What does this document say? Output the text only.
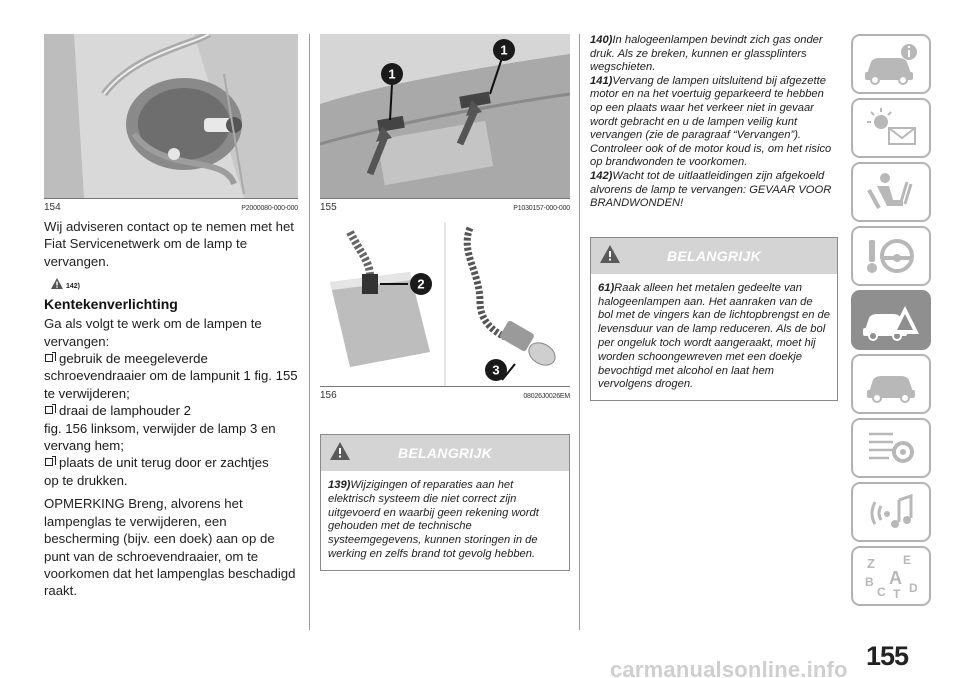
154	P2000080-000-000
Wij adviseren contact op te nemen met het Fiat Servicenetwerk om de lamp te vervangen.
142)
Kentekenverlichting
Ga als volgt te werk om de lampen te vervangen:
gebruik de meegeleverde
schroevendraaier om de lampunit 1 fig. 155 te verwijderen;
draai de lamphouder 2
fig. 156 linksom, verwijder de lamp 3 en vervang hem;
plaats de unit terug door er zachtjes
op te drukken.
OPMERKING Breng, alvorens het lampenglas te verwijderen, een bescherming (bijv. een doek) aan op de punt van de schroevendraaier, om te voorkomen dat het lampenglas beschadigd raakt.
1
1
155	P1030157-000-000
2
3
156	08026J0026EM
BELANGRIJK
139)Wijzigingen of reparaties aan het elektrisch systeem die niet correct zijn uitgevoerd en waarbij geen rekening wordt gehouden met de technische systeemgegevens, kunnen storingen in de werking en zelfs brand tot gevolg hebben.
140)In halogeenlampen bevindt zich gas onder druk. Als ze breken, kunnen er glassplinters wegschieten.
141)Vervang de lampen uitsluitend bij afgezette motor en na het voertuig geparkeerd te hebben op een plaats waar het verkeer niet in gevaar wordt gebracht en u de lampen veilig kunt vervangen (zie de paragraaf “Vervangen”). Controleer ook of de motor koud is, om het risico op brandwonden te voorkomen.
142)Wacht tot de uitlaatleidingen zijn afgekoeld alvorens de lamp te vervangen: GEVAAR VOOR BRANDWONDEN!
BELANGRIJK
61)Raak alleen het metalen gedeelte van halogeenlampen aan. Het aanraken van de bol met de vingers kan de lichtopbrengst en de levensduur van de lamp reduceren. Als de bol per ongeluk toch wordt aangeraakt, moet hij worden schoongewreven met een doekje bevochtigd met alcohol en laat hem vervolgens drogen.
Z E
B A
C T D
155
carmanualsonline.info
